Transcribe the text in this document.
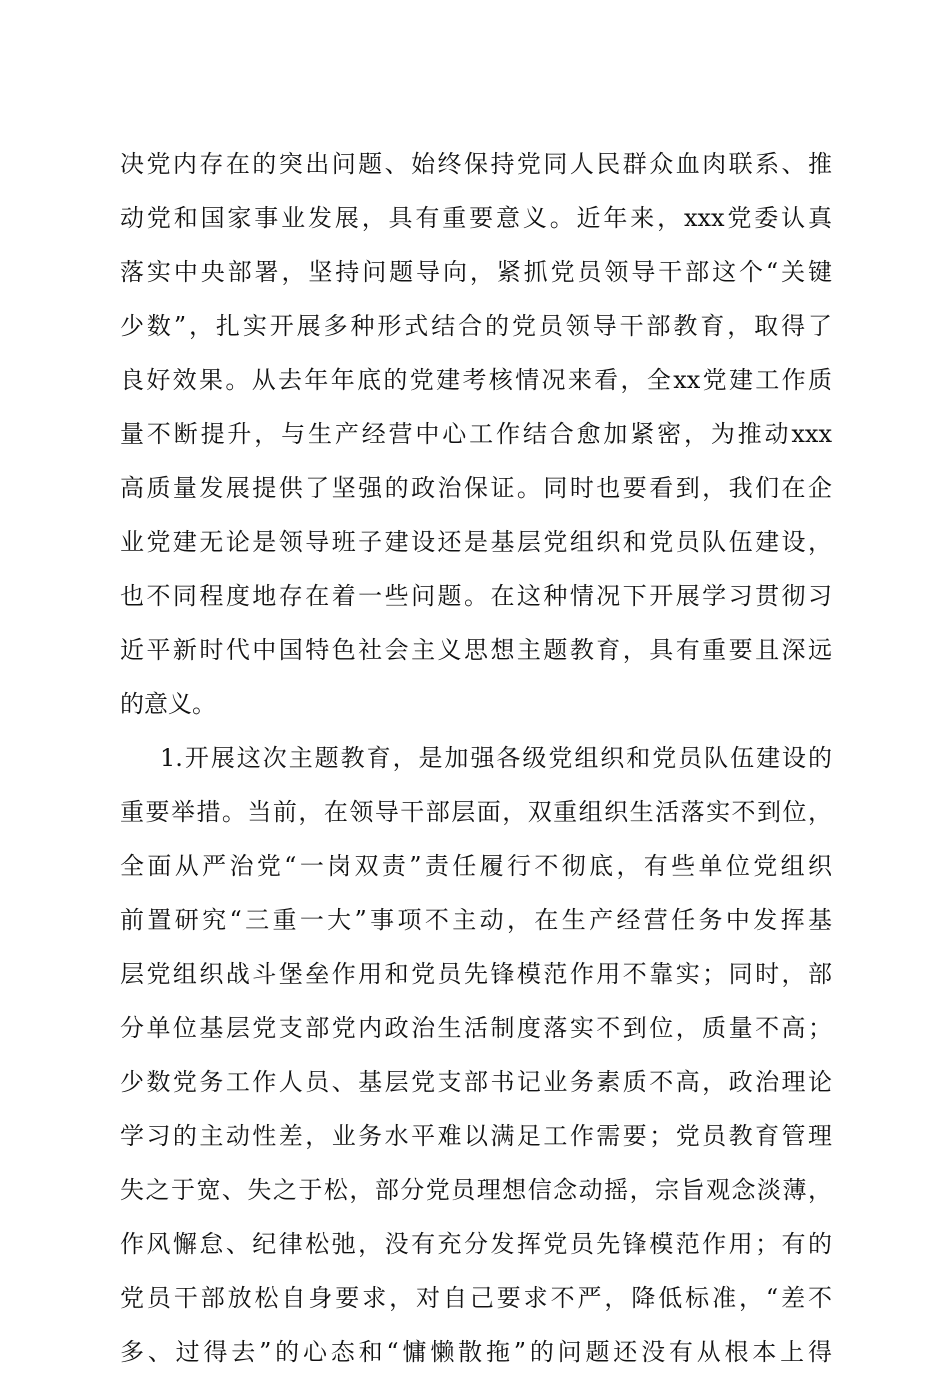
决党内存在的突出问题、始终保持党同人民群众血肉联系、推
动党和国家事业发展，具有重要意义。近年来，xxx党委认真
落实中央部署，坚持问题导向，紧抓党员领导干部这个“关键
少数”，扎实开展多种形式结合的党员领导干部教育，取得了
良好效果。从去年年底的党建考核情况来看，全xx党建工作质
量不断提升，与生产经营中心工作结合愈加紧密，为推动xxx
高质量发展提供了坚强的政治保证。同时也要看到，我们在企
业党建无论是领导班子建设还是基层党组织和党员队伍建设，
也不同程度地存在着一些问题。在这种情况下开展学习贯彻习
近平新时代中国特色社会主义思想主题教育，具有重要且深远
的意义。
1.开展这次主题教育，是加强各级党组织和党员队伍建设的
重要举措。当前，在领导干部层面，双重组织生活落实不到位，
全面从严治党“一岗双责”责任履行不彻底，有些单位党组织
前置研究“三重一大”事项不主动，在生产经营任务中发挥基
层党组织战斗堡垒作用和党员先锋模范作用不靠实；同时，部
分单位基层党支部党内政治生活制度落实不到位，质量不高；
少数党务工作人员、基层党支部书记业务素质不高，政治理论
学习的主动性差，业务水平难以满足工作需要；党员教育管理
失之于宽、失之于松，部分党员理想信念动摇，宗旨观念淡薄，
作风懈怠、纪律松弛，没有充分发挥党员先锋模范作用；有的
党员干部放松自身要求，对自己要求不严，降低标准，“差不
多、过得去”的心态和“慵懒散拖”的问题还没有从根本上得
